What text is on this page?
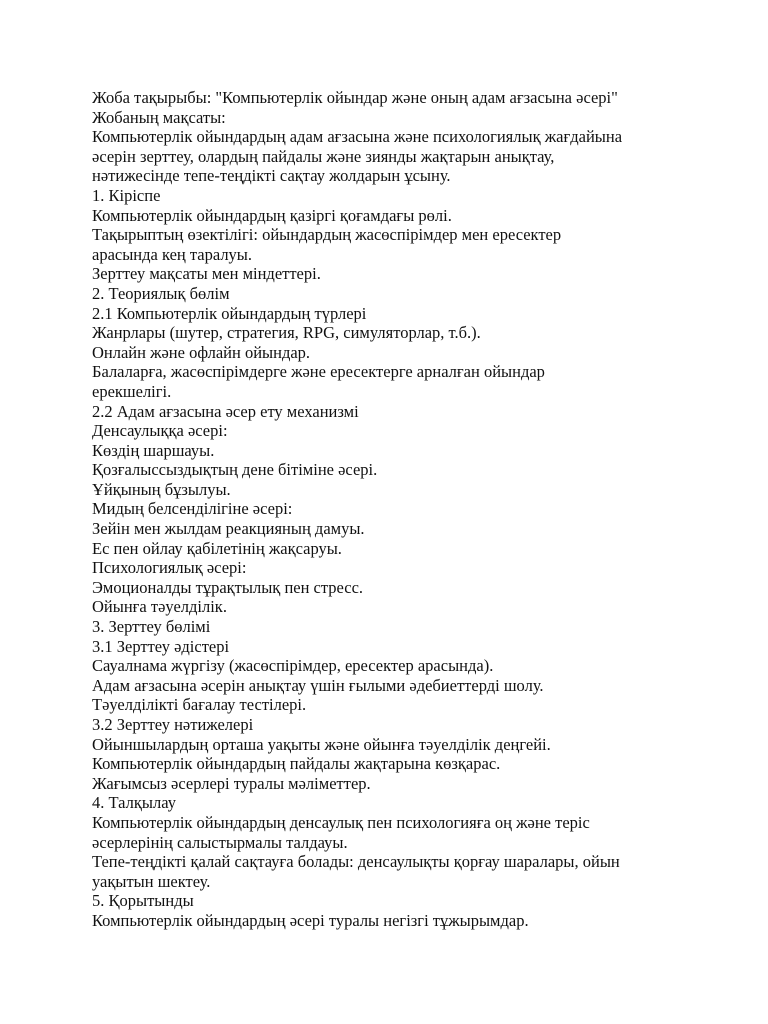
Жоба тақырыбы: "Компьютерлік ойындар және оның адам ағзасына әсері"
Жобаның мақсаты:
Компьютерлік ойындардың адам ағзасына және психологиялық жағдайына
әсерін зерттеу, олардың пайдалы және зиянды жақтарын анықтау,
нәтижесінде тепе-теңдікті сақтау жолдарын ұсыну.
1. Кіріспе
Компьютерлік ойындардың қазіргі қоғамдағы рөлі.
Тақырыптың өзектілігі: ойындардың жасөспірімдер мен ересектер
арасында кең таралуы.
Зерттеу мақсаты мен міндеттері.
2. Теориялық бөлім
2.1 Компьютерлік ойындардың түрлері
Жанрлары (шутер, стратегия, RPG, симуляторлар, т.б.).
Онлайн және офлайн ойындар.
Балаларға, жасөспірімдерге және ересектерге арналған ойындар
ерекшелігі.
2.2 Адам ағзасына әсер ету механизмі
Денсаулыққа әсері:
Көздің шаршауы.
Қозғалыссыздықтың дене бітіміне әсері.
Ұйқының бұзылуы.
Мидың белсенділігіне әсері:
Зейін мен жылдам реакцияның дамуы.
Ес пен ойлау қабілетінің жақсаруы.
Психологиялық әсері:
Эмоционалды тұрақтылық пен стресс.
Ойынға тәуелділік.
3. Зерттеу бөлімі
3.1 Зерттеу әдістері
Сауалнама жүргізу (жасөспірімдер, ересектер арасында).
Адам ағзасына әсерін анықтау үшін ғылыми әдебиеттерді шолу.
Тәуелділікті бағалау тестілері.
3.2 Зерттеу нәтижелері
Ойыншылардың орташа уақыты және ойынға тәуелділік деңгейі.
Компьютерлік ойындардың пайдалы жақтарына көзқарас.
Жағымсыз әсерлері туралы мәліметтер.
4. Талқылау
Компьютерлік ойындардың денсаулық пен психологияға оң және теріс
әсерлерінің салыстырмалы талдауы.
Тепе-теңдікті қалай сақтауға болады: денсаулықты қорғау шаралары, ойын
уақытын шектеу.
5. Қорытынды
Компьютерлік ойындардың әсері туралы негізгі тұжырымдар.
